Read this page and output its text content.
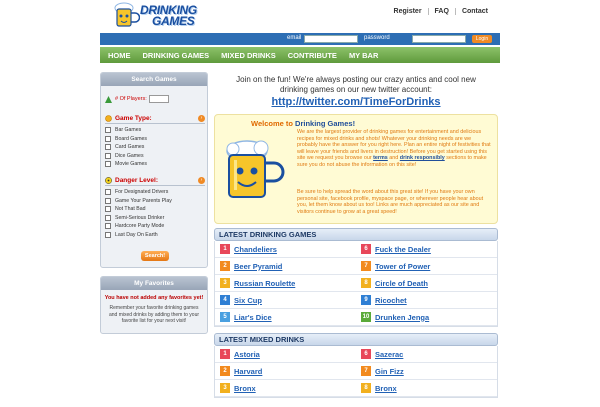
DRINKING
GAMES
Register	FAQ	Contact
email	password	Login
HOME DRINKING GAMES MIXED DRINKS CONTRIBUTE MY BAR
Search Games
# Of Players:
Game Type:	›
Bar Games
Board Games
Card Games
Dice Games
Movie Games
Danger Level:	›
For Designated Drivers
Game Your Parents Play
Not That Bad
Semi-Serious Drinker
Hardcore Party Mode
Last Day On Earth
Search!
My Favorites
You have not added any favorites yet!
Remember your favorite drinking games and mixed drinks by adding them to your favorite list for your next visit!
Join on the fun! We're always posting our crazy antics and cool new drinking games on our new twitter account:
http://twitter.com/TimeForDrinks
Welcome to Drinking Games!
We are the largest provider of drinking games for entertainment and delicious recipes for mixed drinks and shots! Whatever your drinking needs are we probably have the answer for you right here. Plan an entire night of festivities that will leave your friends and livers in destruction! Before you get started using this site we request you browse our terms and drink responsibly sections to make sure you do not abuse the information on this site!
Be sure to help spread the word about this great site! If you have your own personal site, facebook profile, myspace page, or wherever people hear about you, let them know about us too! Links are much appreciated as our site and visitors continue to grow at a great speed!
LATEST DRINKING GAMES
1 Chandeliers	6 Fuck the Dealer
2 Beer Pyramid	7 Tower of Power
3 Russian Roulette	8 Circle of Death
4 Six Cup	9 Ricochet
5 Liar's Dice	10 Drunken Jenga
LATEST MIXED DRINKS
1 Astoria	6 Sazerac
2 Harvard	7 Gin Fizz
3 Bronx	8 Bronx
